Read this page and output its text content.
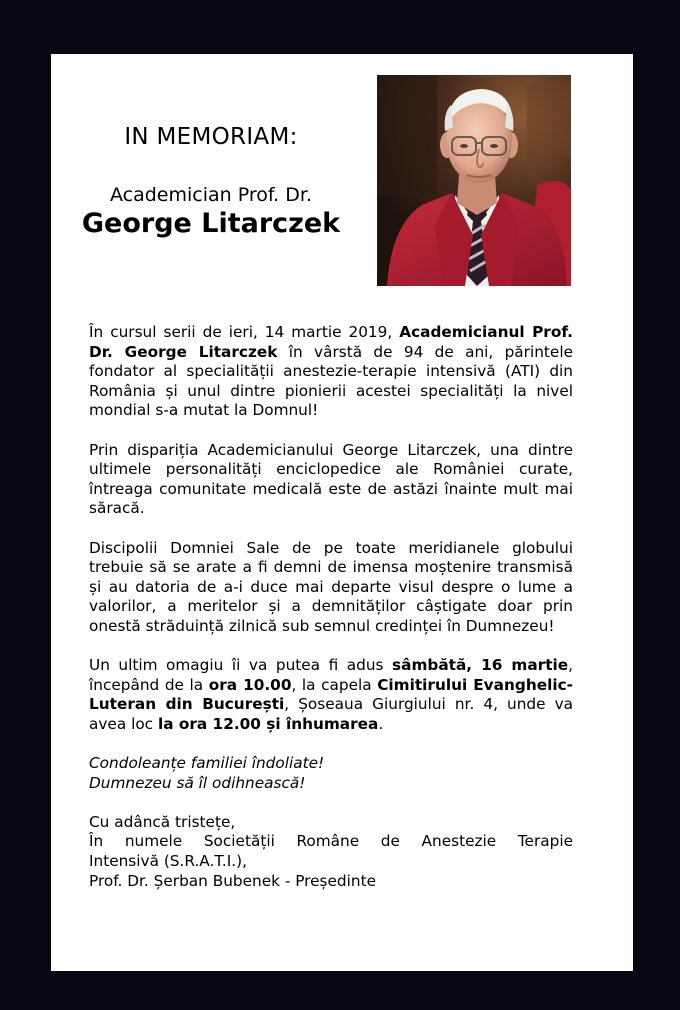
IN MEMORIAM:
Academician Prof. Dr.
George Litarczek

În cursul serii de ieri, 14 martie 2019, Academicianul Prof. Dr. George Litarczek în vârstă de 94 de ani, părintele fondator al specialității anestezie-terapie intensivă (ATI) din România și unul dintre pionierii acestei specialități la nivel mondial s-a mutat la Domnul!

Prin dispariția Academicianului George Litarczek, una dintre ultimele personalități enciclopedice ale României curate, întreaga comunitate medicală este de astăzi înainte mult mai săracă.

Discipolii Domniei Sale de pe toate meridianele globului trebuie să se arate a fi demni de imensa moștenire transmisă și au datoria de a-i duce mai departe visul despre o lume a valorilor, a meritelor și a demnităților câștigate doar prin onestă străduință zilnică sub semnul credinței în Dumnezeu!

Un ultim omagiu îi va putea fi adus sâmbătă, 16 martie, începând de la ora 10.00, la capela Cimitirului Evanghelic-Luteran din București, Șoseaua Giurgiului nr. 4, unde va avea loc la ora 12.00 și înhumarea.

Condoleanțe familiei îndoliate!
Dumnezeu să îl odihnească!

Cu adâncă tristețe,
În numele Societății Române de Anestezie Terapie
Intensivă (S.R.A.T.I.),
Prof. Dr. Șerban Bubenek - Președinte
